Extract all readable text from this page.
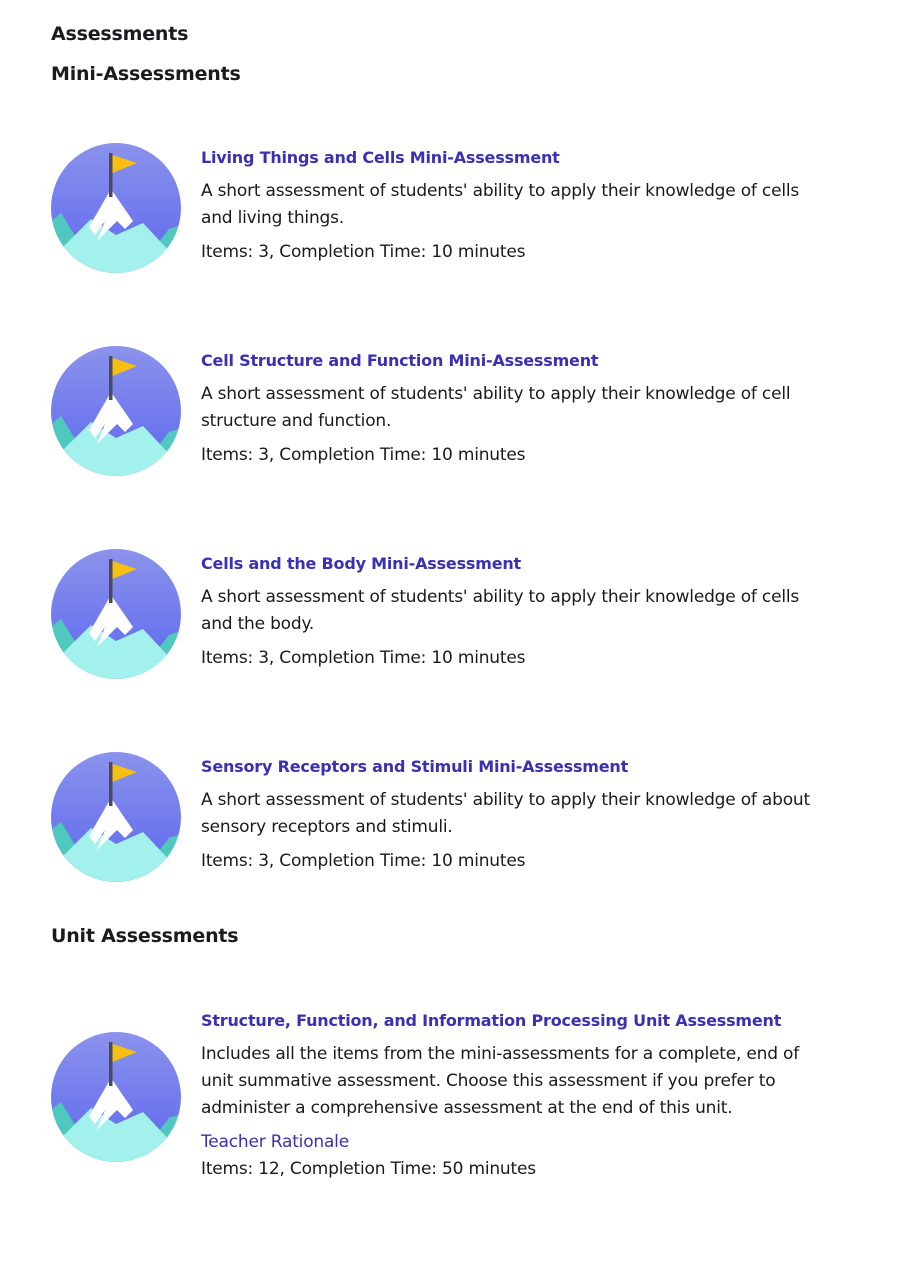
Assessments
Mini-Assessments
Living Things and Cells Mini-Assessment

A short assessment of students' ability to apply their knowledge of cells and living things.

Items: 3, Completion Time: 10 minutes
Cell Structure and Function Mini-Assessment

A short assessment of students' ability to apply their knowledge of cell structure and function.

Items: 3, Completion Time: 10 minutes
Cells and the Body Mini-Assessment

A short assessment of students' ability to apply their knowledge of cells and the body.

Items: 3, Completion Time: 10 minutes
Sensory Receptors and Stimuli Mini-Assessment

A short assessment of students' ability to apply their knowledge of about sensory receptors and stimuli.

Items: 3, Completion Time: 10 minutes
Unit Assessments
Structure, Function, and Information Processing Unit Assessment

Includes all the items from the mini-assessments for a complete, end of unit summative assessment. Choose this assessment if you prefer to administer a comprehensive assessment at the end of this unit.

Teacher Rationale
Items: 12, Completion Time: 50 minutes
